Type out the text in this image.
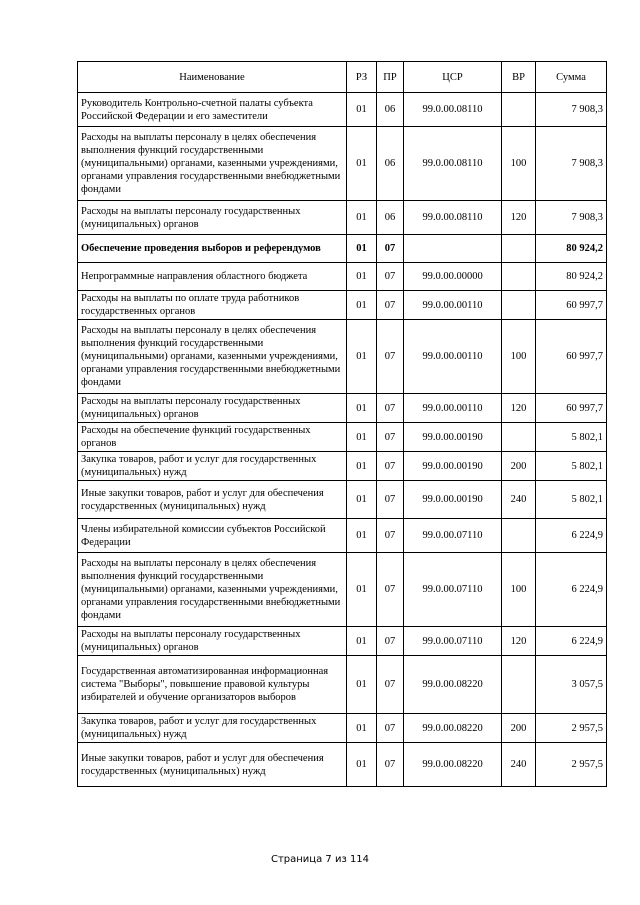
Наименование	РЗ	ПР	ЦСР	ВР	Сумма
Руководитель Контрольно-счетной палаты субъекта Российской Федерации и его заместители	01	06	99.0.00.08110		7 908,3
Расходы на выплаты персоналу в целях обеспечения выполнения функций государственными (муниципальными) органами, казенными учреждениями, органами управления государственными внебюджетными фондами	01	06	99.0.00.08110	100	7 908,3
Расходы на выплаты персоналу государственных (муниципальных) органов	01	06	99.0.00.08110	120	7 908,3
Обеспечение проведения выборов и референдумов	01	07			80 924,2
Непрограммные направления областного бюджета	01	07	99.0.00.00000		80 924,2
Расходы на выплаты по оплате труда работников государственных органов	01	07	99.0.00.00110		60 997,7
Расходы на выплаты персоналу в целях обеспечения выполнения функций государственными (муниципальными) органами, казенными учреждениями, органами управления государственными внебюджетными фондами	01	07	99.0.00.00110	100	60 997,7
Расходы на выплаты персоналу государственных (муниципальных) органов	01	07	99.0.00.00110	120	60 997,7
Расходы на обеспечение функций государственных органов	01	07	99.0.00.00190		5 802,1
Закупка товаров, работ и услуг для государственных (муниципальных) нужд	01	07	99.0.00.00190	200	5 802,1
Иные закупки товаров, работ и услуг для обеспечения государственных (муниципальных) нужд	01	07	99.0.00.00190	240	5 802,1
Члены избирательной комиссии субъектов Российской Федерации	01	07	99.0.00.07110		6 224,9
Расходы на выплаты персоналу в целях обеспечения выполнения функций государственными (муниципальными) органами, казенными учреждениями, органами управления государственными внебюджетными фондами	01	07	99.0.00.07110	100	6 224,9
Расходы на выплаты персоналу государственных (муниципальных) органов	01	07	99.0.00.07110	120	6 224,9
Государственная автоматизированная информационная система "Выборы", повышение правовой культуры избирателей и обучение организаторов выборов	01	07	99.0.00.08220		3 057,5
Закупка товаров, работ и услуг для государственных (муниципальных) нужд	01	07	99.0.00.08220	200	2 957,5
Иные закупки товаров, работ и услуг для обеспечения государственных (муниципальных) нужд	01	07	99.0.00.08220	240	2 957,5
Страница 7 из 114
